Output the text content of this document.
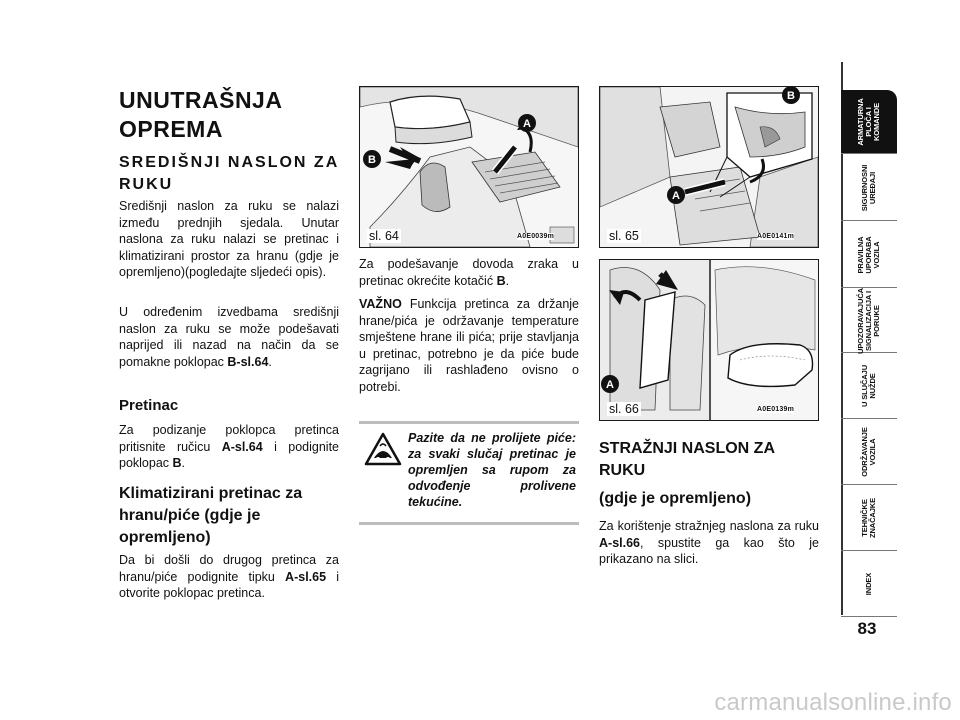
UNUTRAŠNJA
OPREMA
SREDIŠNJI NASLON ZA RUKU
Središnji naslon za ruku se nalazi između prednjih sjedala. Unutar naslona za ruku nalazi se pretinac i klimatizirani prostor za hranu (gdje je opremljeno)(pogledajte sljedeći opis).
U određenim izvedbama središnji naslon za ruku se može podešavati naprijed ili nazad na način da se pomakne poklopac B-sl.64.
Pretinac
Za podizanje poklopca pretinca pritisnite ručicu A-sl.64 i podignite poklopac B.
Klimatizirani pretinac za hranu/piće (gdje je opremljeno)
Da bi došli do drugog pretinca za hranu/piće podignite tipku A-sl.65 i otvorite poklopac pretinca.
A
B
sl. 64	A0E0039m
Za podešavanje dovoda zraka u pretinac okrećite kotačić B.
VAŽNO Funkcija pretinca za držanje hrane/pića je održavanje temperature smještene hrane ili pića; prije stavljanja u pretinac, potrebno je da piće bude zagrijano ili rashlađeno ovisno o potrebi.
Pazite da ne prolijete piće: za svaki slučaj pretinac je opremljen sa rupom za odvođenje prolivene tekućine.
B
A
sl. 65	A0E0141m
A
sl. 66	A0E0139m
STRAŽNJI NASLON ZA RUKU
(gdje je opremljeno)
Za korištenje stražnjeg naslona za ruku A-sl.66, spustite ga kao što je prikazano na slici.
ARMATURNA
PLOČA I
KOMANDE
SIGURNOSNI
UREĐAJI
PRAVILNA
UPORABA
VOZILA
UPOZORAVAJUĆA
SIGNALIZACIJA I
PORUKE
U SLUČAJU
NUŽDE
ODRŽAVANJE
VOZILA
TEHNIČKE
ZNAČAJKE
INDEX
83
carmanualsonline.info
